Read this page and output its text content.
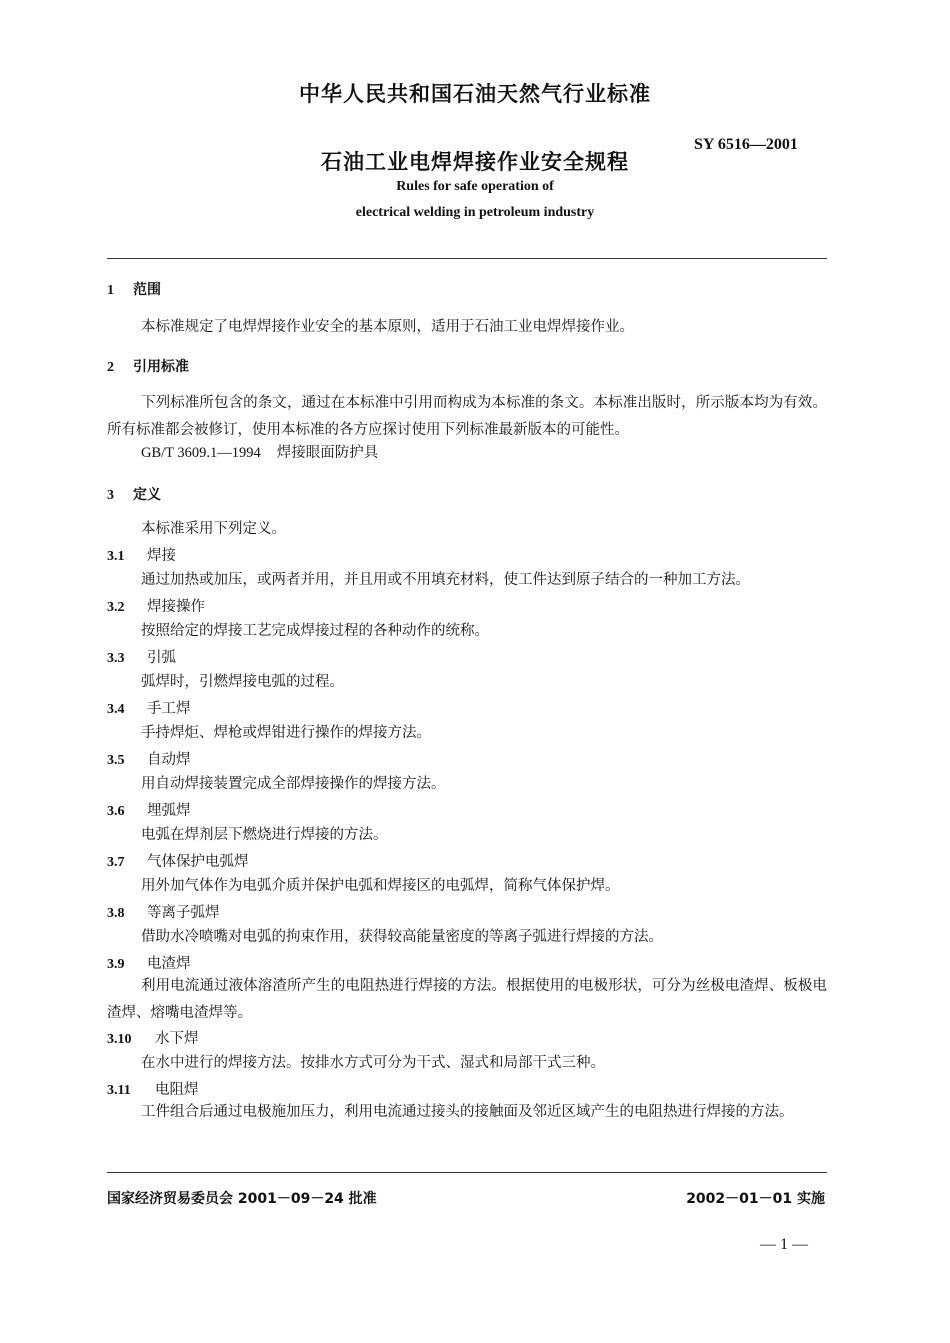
中华人民共和国石油天然气行业标准
SY 6516—2001
石油工业电焊焊接作业安全规程
Rules for safe operation of
electrical welding in petroleum industry
1 范围
本标准规定了电焊焊接作业安全的基本原则，适用于石油工业电焊焊接作业。
2 引用标准
下列标准所包含的条文，通过在本标准中引用而构成为本标准的条文。本标准出版时，所示版本均为有效。所有标准都会被修订，使用本标准的各方应探讨使用下列标准最新版本的可能性。
GB/T 3609.1—1994 焊接眼面防护具
3 定义
本标准采用下列定义。
3.1 焊接
通过加热或加压，或两者并用，并且用或不用填充材料，使工件达到原子结合的一种加工方法。
3.2 焊接操作
按照给定的焊接工艺完成焊接过程的各种动作的统称。
3.3 引弧
弧焊时，引燃焊接电弧的过程。
3.4 手工焊
手持焊炬、焊枪或焊钳进行操作的焊接方法。
3.5 自动焊
用自动焊接装置完成全部焊接操作的焊接方法。
3.6 埋弧焊
电弧在焊剂层下燃烧进行焊接的方法。
3.7 气体保护电弧焊
用外加气体作为电弧介质并保护电弧和焊接区的电弧焊，简称气体保护焊。
3.8 等离子弧焊
借助水冷喷嘴对电弧的拘束作用，获得较高能量密度的等离子弧进行焊接的方法。
3.9 电渣焊
利用电流通过液体溶渣所产生的电阻热进行焊接的方法。根据使用的电极形状，可分为丝极电渣焊、板极电渣焊、熔嘴电渣焊等。
3.10 水下焊
在水中进行的焊接方法。按排水方式可分为干式、湿式和局部干式三种。
3.11 电阻焊
工件组合后通过电极施加压力，利用电流通过接头的接触面及邻近区域产生的电阻热进行焊接的方法。
国家经济贸易委员会 2001－09－24 批准	2002－01－01 实施
— 1 —
